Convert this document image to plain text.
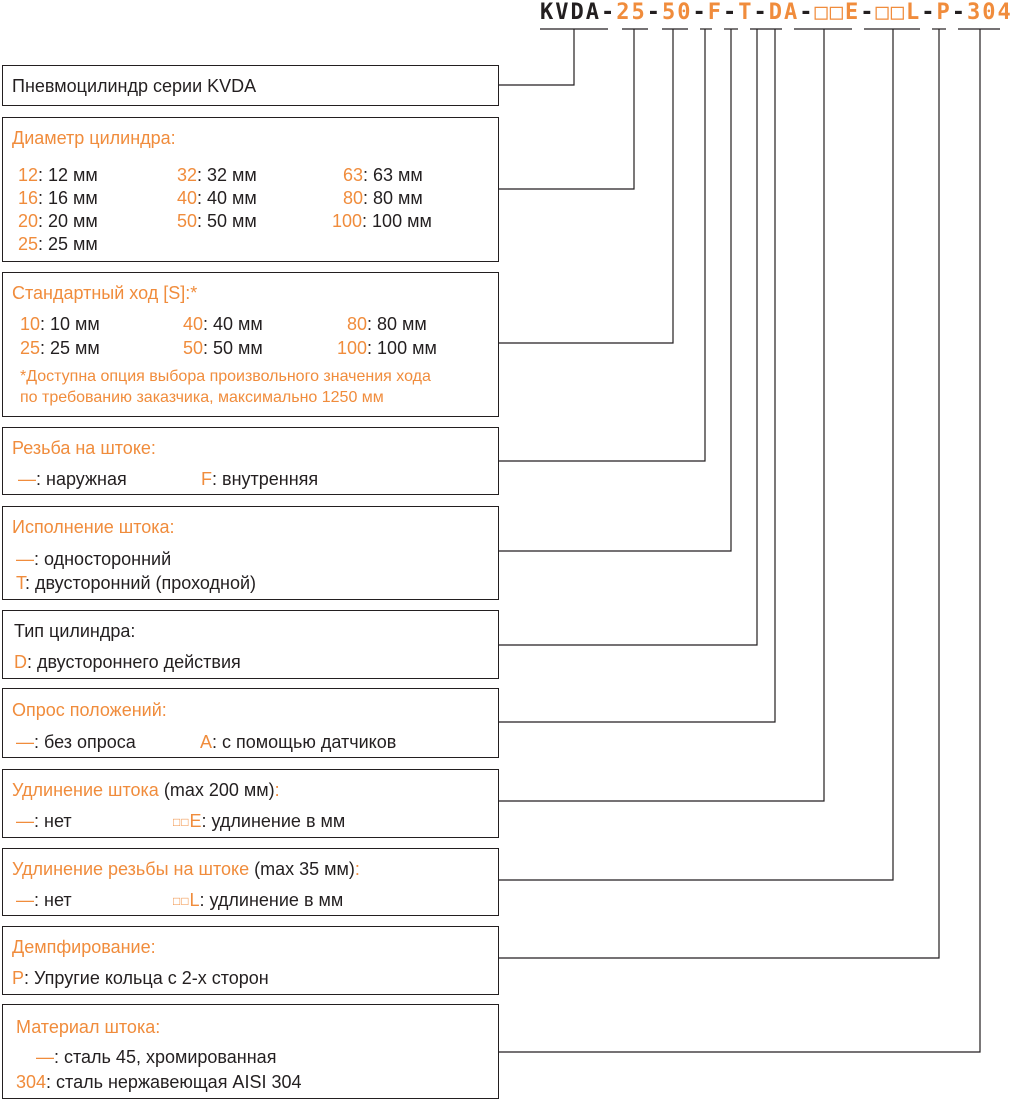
KVDA-25-50-F-T-DA-□□E-□□L-P-304
Пневмоцилиндр серии KVDA
Диаметр цилиндра:
12: 12 мм
16: 16 мм
20: 20 мм
25: 25 мм
32: 32 мм
40: 40 мм
50: 50 мм
63: 63 мм
80: 80 мм
100: 100 мм
Стандартный ход [S]:*
10: 10 мм
25: 25 мм
40: 40 мм
50: 50 мм
80: 80 мм
100: 100 мм
*Доступна опция выбора произвольного значения хода
по требованию заказчика, максимально 1250 мм
Резьба на штоке:
—: наружная	F: внутренняя
Исполнение штока:
—: односторонний
T: двусторонний (проходной)
Тип цилиндра:
D: двустороннего действия
Опрос положений:
—: без опроса	A: с помощью датчиков
Удлинение штока (max 200 мм):
—: нет	□□E: удлинение в мм
Удлинение резьбы на штоке (max 35 мм):
—: нет	□□L: удлинение в мм
Демпфирование:
P: Упругие кольца с 2-х сторон
Материал штока:
—: сталь 45, хромированная
304: сталь нержавеющая AISI 304
